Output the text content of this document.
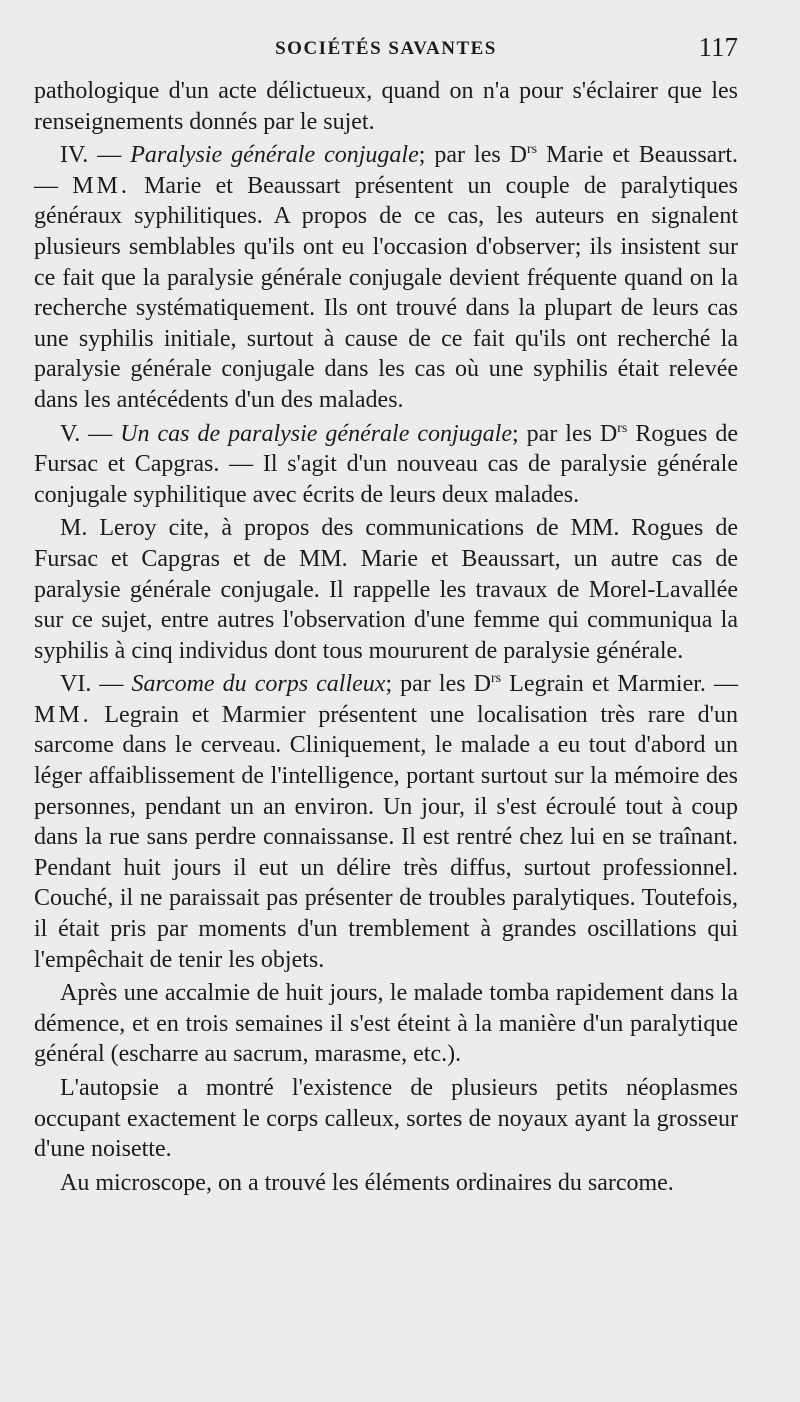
SOCIÉTÉS SAVANTES	117

pathologique d'un acte délictueux, quand on n'a pour s'éclairer que les renseignements donnés par le sujet.

IV. — Paralysie générale conjugale; par les $D^{rs}$ Marie et Beaussart. — MM. Marie et Beaussart présentent un couple de paralytiques généraux syphilitiques. A propos de ce cas, les auteurs en signalent plusieurs semblables qu'ils ont eu l'occasion d'observer; ils insistent sur ce fait que la paralysie générale conjugale devient fréquente quand on la recherche systématiquement. Ils ont trouvé dans la plupart de leurs cas une syphilis initiale, surtout à cause de ce fait qu'ils ont recherché la paralysie générale conjugale dans les cas où une syphilis était relevée dans les antécédents d'un des malades.

V. — Un cas de paralysie générale conjugale; par les $D^{rs}$ Rogues de Fursac et Capgras. — Il s'agit d'un nouveau cas de paralysie générale conjugale syphilitique avec écrits de leurs deux malades.

M. Leroy cite, à propos des communications de MM. Rogues de Fursac et Capgras et de MM. Marie et Beaussart, un autre cas de paralysie générale conjugale. Il rappelle les travaux de Morel-Lavallée sur ce sujet, entre autres l'observation d'une femme qui communiqua la syphilis à cinq individus dont tous moururent de paralysie générale.

VI. — Sarcome du corps calleux; par les $D^{rs}$ Legrain et Marmier. — MM. Legrain et Marmier présentent une localisation très rare d'un sarcome dans le cerveau. Cliniquement, le malade a eu tout d'abord un léger affaiblissement de l'intelligence, portant surtout sur la mémoire des personnes, pendant un an environ. Un jour, il s'est écroulé tout à coup dans la rue sans perdre connaissanse. Il est rentré chez lui en se traînant. Pendant huit jours il eut un délire très diffus, surtout professionnel. Couché, il ne paraissait pas présenter de troubles paralytiques. Toutefois, il était pris par moments d'un tremblement à grandes oscillations qui l'empêchait de tenir les objets.

Après une accalmie de huit jours, le malade tomba rapidement dans la démence, et en trois semaines il s'est éteint à la manière d'un paralytique général (escharre au sacrum, marasme, etc.).

L'autopsie a montré l'existence de plusieurs petits néoplasmes occupant exactement le corps calleux, sortes de noyaux ayant la grosseur d'une noisette.

Au microscope, on a trouvé les éléments ordinaires du sarcome.
